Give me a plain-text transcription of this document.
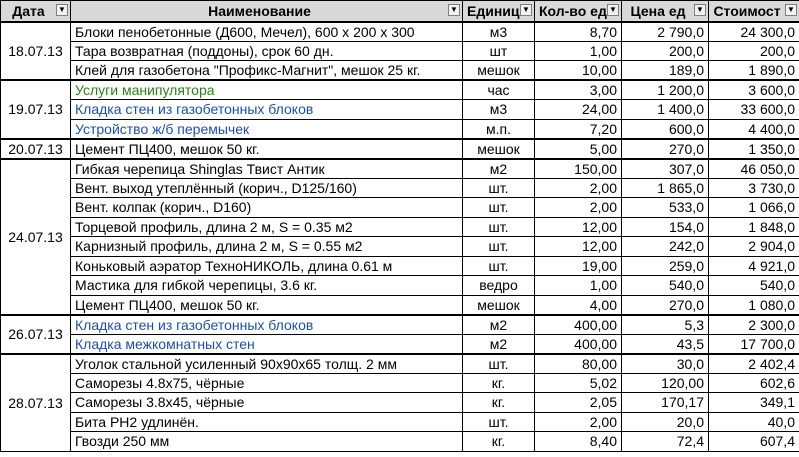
Дата ▼	Наименование ▼	Единиц ▼	Кол-во ед ▼	Цена ед ▼	Стоимост ▼

18.07.13	Блоки пенобетонные (Д600, Мечел), 600 x 200 x 300	м3	8,70	2 790,0	24 300,0
	Тара возвратная (поддоны), срок 60 дн.	шт	1,00	200,0	200,0
	Клей для газобетона "Профикс-Магнит", мешок 25 кг.	мешок	10,00	189,0	1 890,0
19.07.13	Услуги манипулятора	час	3,00	1 200,0	3 600,0
	Кладка стен из газобетонных блоков	м3	24,00	1 400,0	33 600,0
	Устройство ж/б перемычек	м.п.	7,20	600,0	4 400,0
20.07.13	Цемент ПЦ400, мешок 50 кг.	мешок	5,00	270,0	1 350,0
24.07.13	Гибкая черепица Shinglas Твист Антик	м2	150,00	307,0	46 050,0
	Вент. выход утеплённый (корич., D125/160)	шт.	2,00	1 865,0	3 730,0
	Вент. колпак (корич., D160)	шт.	2,00	533,0	1 066,0
	Торцевой профиль, длина 2 м, S = 0.35 м2	шт.	12,00	154,0	1 848,0
	Карнизный профиль, длина 2 м, S = 0.55 м2	шт.	12,00	242,0	2 904,0
	Коньковый аэратор ТехноНИКОЛЬ, длина 0.61 м	шт.	19,00	259,0	4 921,0
	Мастика для гибкой черепицы, 3.6 кг.	ведро	1,00	540,0	540,0
	Цемент ПЦ400, мешок 50 кг.	мешок	4,00	270,0	1 080,0
26.07.13	Кладка стен из газобетонных блоков	м2	400,00	5,3	2 300,0
	Кладка межкомнатных стен	м2	400,00	43,5	17 700,0
28.07.13	Уголок стальной усиленный 90x90x65 толщ. 2 мм	шт.	80,00	30,0	2 402,4
	Саморезы 4.8x75, чёрные	кг.	5,02	120,00	602,6
	Саморезы 3.8x45, чёрные	кг.	2,05	170,17	349,1
	Бита PH2 удлинён.	шт.	2,00	20,0	40,0
	Гвозди 250 мм	кг.	8,40	72,4	607,4
